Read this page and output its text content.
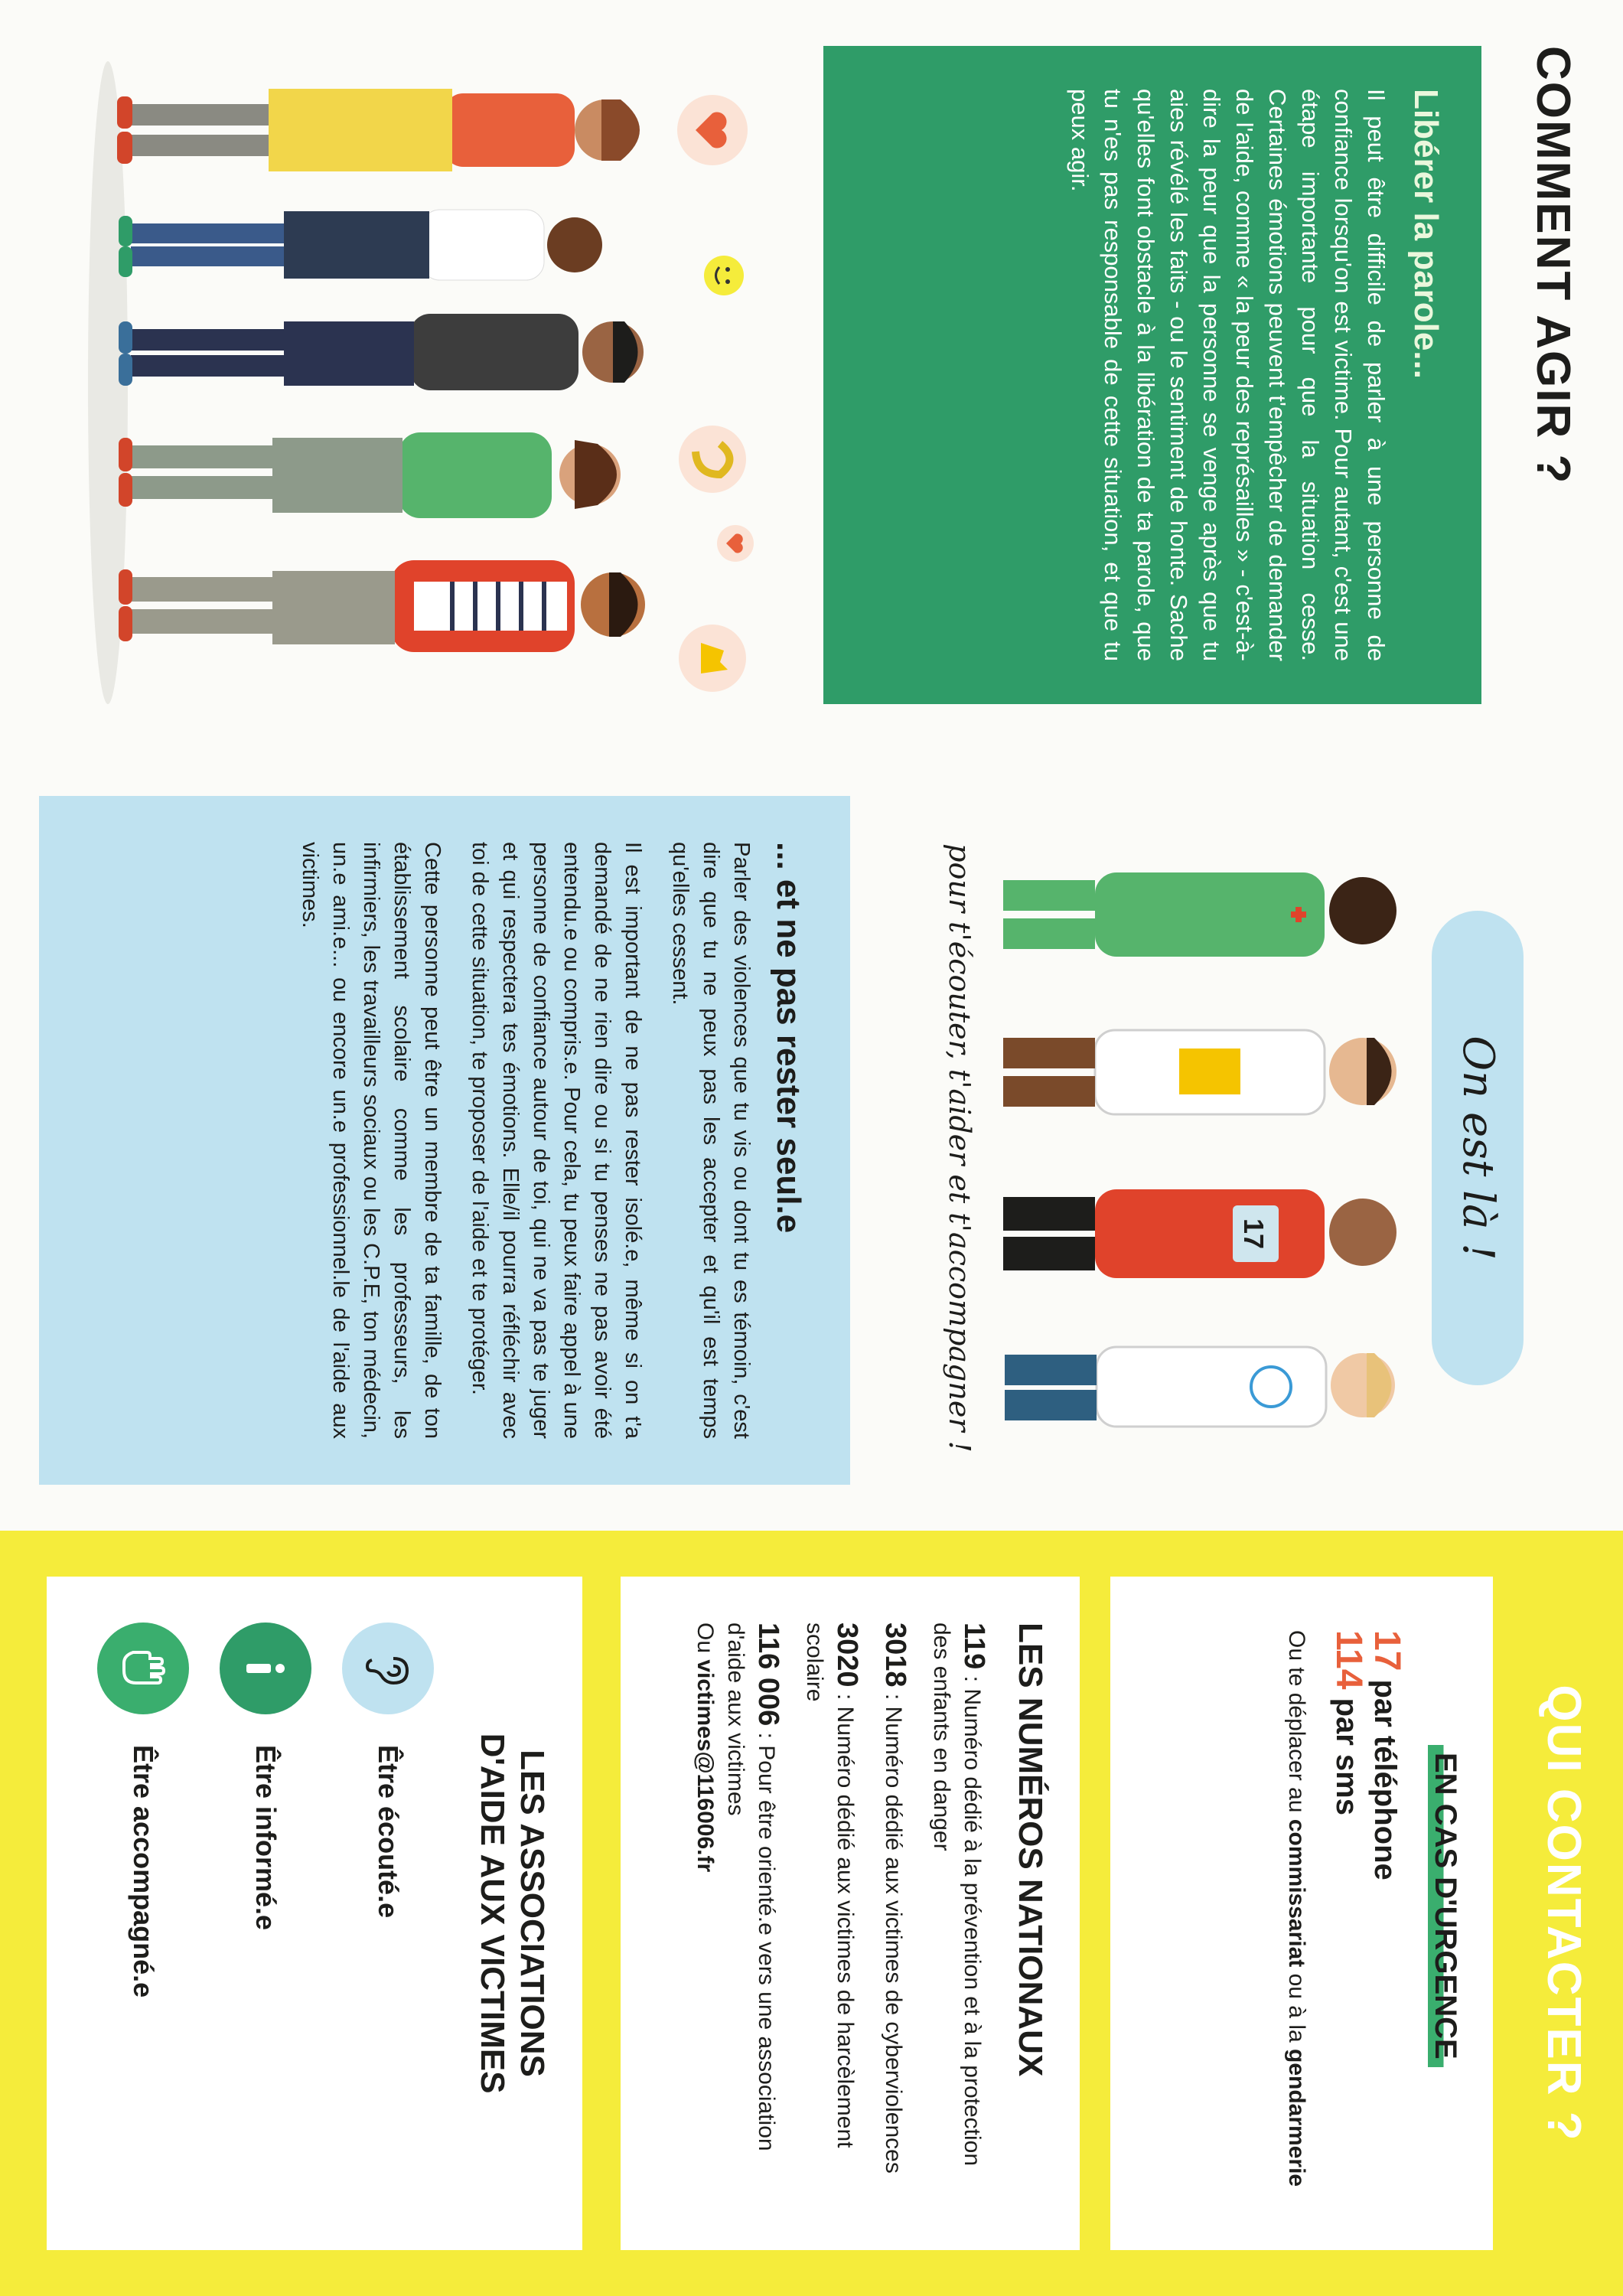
COMMENT AGIR ?
Libérer la parole...

Il peut être difficile de parler à une personne de confiance lorsqu'on est victime. Pour autant, c'est une étape importante pour que la situation cesse. Certaines émotions peuvent t'empêcher de demander de l'aide, comme « la peur des représailles » - c'est-à-dire la peur que la personne se venge après que tu aies révélé les faits - ou le sentiment de honte. Sache qu'elles font obstacle à la libération de ta parole, que tu n'es pas responsable de cette situation, et que tu peux agir.

On est là !
17
pour t'écouter, t'aider et t'accompagner !
... et ne pas rester seul.e

Parler des violences que tu vis ou dont tu es témoin, c'est dire que tu ne peux pas les accepter et qu'il est temps qu'elles cessent.

Il est important de ne pas rester isolé.e, même si on t'a demandé de ne rien dire ou si tu penses ne pas avoir été entendu.e ou compris.e. Pour cela, tu peux faire appel à une personne de confiance autour de toi, qui ne va pas te juger et qui respectera tes émotions. Elle/il pourra réfléchir avec toi de cette situation, te proposer de l'aide et te protéger.

Cette personne peut être un membre de ta famille, de ton établissement scolaire comme les professeurs, les infirmiers, les travailleurs sociaux ou les C.P.E, ton médecin, un.e ami.e... ou encore un.e professionnel.le de l'aide aux victimes.

QUI CONTACTER ?
EN CAS D'URGENCE

17 par téléphone

114 par sms

Ou te déplacer au commissariat ou à la gendarmerie

LES NUMÉROS NATIONAUX

119 : Numéro dédié à la prévention et à la protection des enfants en danger

3018 : Numéro dédié aux victimes de cyberviolences

3020 : Numéro dédié aux victimes de harcèlement scolaire

116 006 : Pour être orienté.e vers une association d'aide aux victimes
Ou victimes@116006.fr

LES ASSOCIATIONS
D'AIDE AUX VICTIMES
Être écouté.e
Être informé.e
Être accompagné.e
